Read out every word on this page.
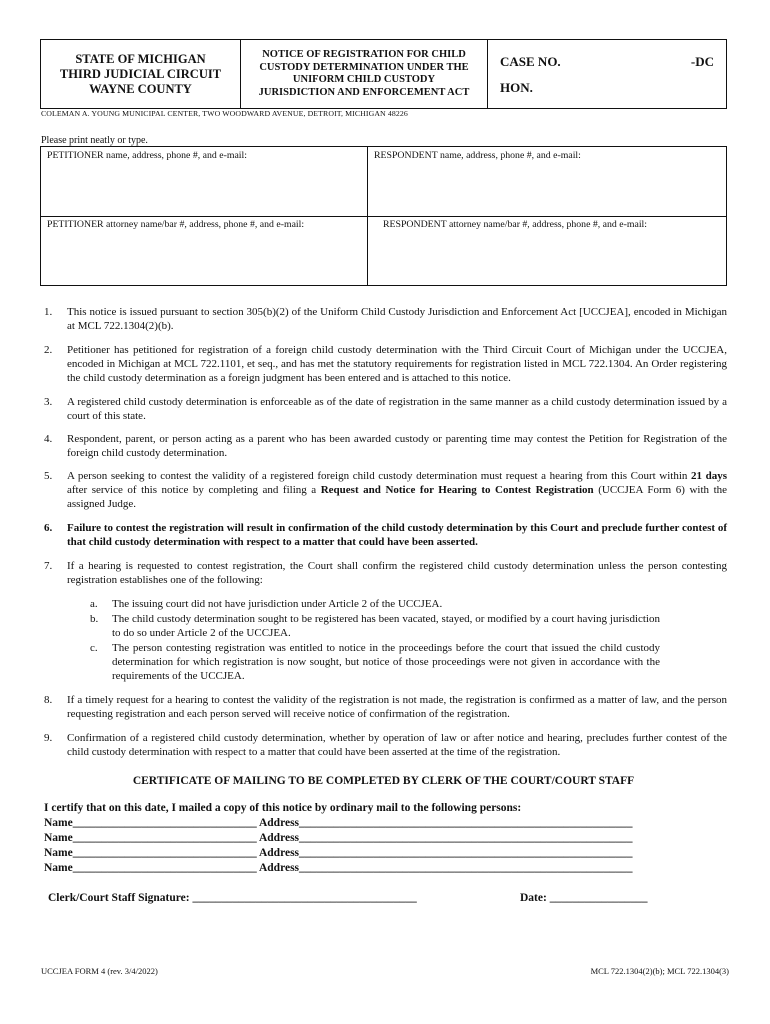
STATE OF MICHIGAN
THIRD JUDICIAL CIRCUIT
WAYNE COUNTY
NOTICE OF REGISTRATION FOR CHILD
CUSTODY DETERMINATION UNDER THE
UNIFORM CHILD CUSTODY
JURISDICTION AND ENFORCEMENT ACT
CASE NO.	-DC
HON.
COLEMAN A. YOUNG MUNICIPAL CENTER, TWO WOODWARD AVENUE, DETROIT, MICHIGAN 48226
Please print neatly or type.
PETITIONER name, address, phone #, and e-mail:	RESPONDENT name, address, phone #, and e-mail:
PETITIONER attorney name/bar #, address, phone #, and e-mail:	RESPONDENT attorney name/bar #, address, phone #, and e-mail:
1. This notice is issued pursuant to section 305(b)(2) of the Uniform Child Custody Jurisdiction and Enforcement Act [UCCJEA], encoded in Michigan at MCL 722.1304(2)(b).
2. Petitioner has petitioned for registration of a foreign child custody determination with the Third Circuit Court of Michigan under the UCCJEA, encoded in Michigan at MCL 722.1101, et seq., and has met the statutory requirements for registration listed in MCL 722.1304. An Order registering the child custody determination as a foreign judgment has been entered and is attached to this notice.
3. A registered child custody determination is enforceable as of the date of registration in the same manner as a child custody determination issued by a court of this state.
4. Respondent, parent, or person acting as a parent who has been awarded custody or parenting time may contest the Petition for Registration of the foreign child custody determination.
5. A person seeking to contest the validity of a registered foreign child custody determination must request a hearing from this Court within 21 days after service of this notice by completing and filing a Request and Notice for Hearing to Contest Registration (UCCJEA Form 6) with the assigned Judge.
6. Failure to contest the registration will result in confirmation of the child custody determination by this Court and preclude further contest of that child custody determination with respect to a matter that could have been asserted.
7. If a hearing is requested to contest registration, the Court shall confirm the registered child custody determination unless the person contesting registration establishes one of the following:
a. The issuing court did not have jurisdiction under Article 2 of the UCCJEA.
b. The child custody determination sought to be registered has been vacated, stayed, or modified by a court having jurisdiction to do so under Article 2 of the UCCJEA.
c. The person contesting registration was entitled to notice in the proceedings before the court that issued the child custody determination for which registration is now sought, but notice of those proceedings were not given in accordance with the requirements of the UCCJEA.
8. If a timely request for a hearing to contest the validity of the registration is not made, the registration is confirmed as a matter of law, and the person requesting registration and each person served will receive notice of confirmation of the registration.
9. Confirmation of a registered child custody determination, whether by operation of law or after notice and hearing, precludes further contest of the child custody determination with respect to a matter that could have been asserted at the time of the registration.
CERTIFICATE OF MAILING TO BE COMPLETED BY CLERK OF THE COURT/COURT STAFF
I certify that on this date, I mailed a copy of this notice by ordinary mail to the following persons:
Name________________________________ Address__________________________________________________________
Name________________________________ Address__________________________________________________________
Name________________________________ Address__________________________________________________________
Name________________________________ Address__________________________________________________________
Clerk/Court Staff Signature: _______________________________________	Date: _________________
UCCJEA FORM 4 (rev. 3/4/2022)	MCL 722.1304(2)(b); MCL 722.1304(3)
